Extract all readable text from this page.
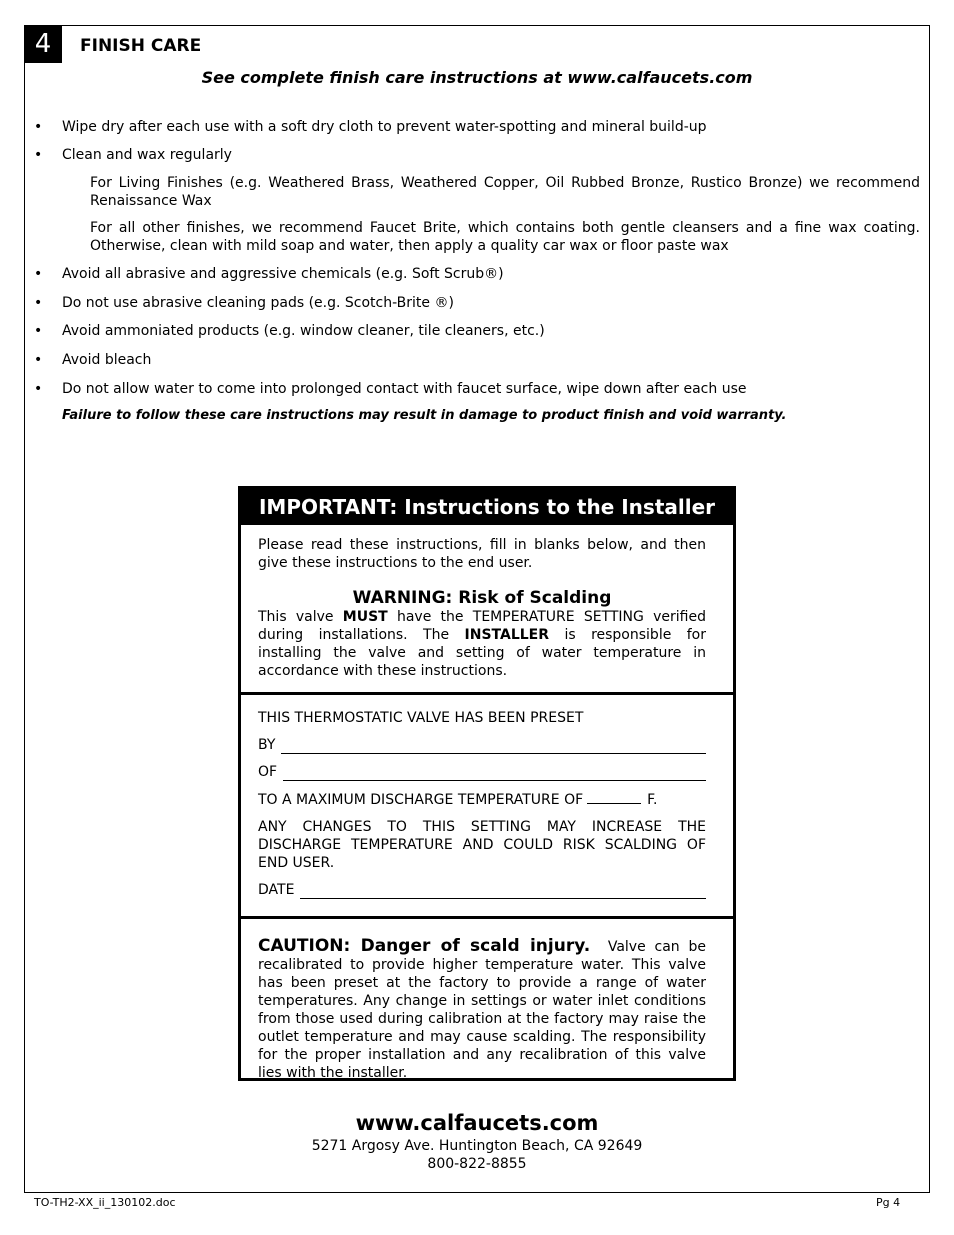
4	FINISH CARE
See complete finish care instructions at www.calfaucets.com
• Wipe dry after each use with a soft dry cloth to prevent water-spotting and mineral build-up
• Clean and wax regularly
For Living Finishes (e.g. Weathered Brass, Weathered Copper, Oil Rubbed Bronze, Rustico Bronze) we recommend Renaissance Wax
For all other finishes, we recommend Faucet Brite, which contains both gentle cleansers and a fine wax coating. Otherwise, clean with mild soap and water, then apply a quality car wax or floor paste wax
• Avoid all abrasive and aggressive chemicals (e.g. Soft Scrub®)
• Do not use abrasive cleaning pads (e.g. Scotch-Brite ®)
• Avoid ammoniated products (e.g. window cleaner, tile cleaners, etc.)
• Avoid bleach
• Do not allow water to come into prolonged contact with faucet surface, wipe down after each use
Failure to follow these care instructions may result in damage to product finish and void warranty.
IMPORTANT: Instructions to the Installer
Please read these instructions, fill in blanks below, and then give these instructions to the end user.
WARNING: Risk of Scalding
This valve MUST have the TEMPERATURE SETTING verified during installations. The INSTALLER is responsible for installing the valve and setting of water temperature in accordance with these instructions.

THIS THERMOSTATIC VALVE HAS BEEN PRESET

BY
OF

TO A MAXIMUM DISCHARGE TEMPERATURE OF	F.

ANY CHANGES TO THIS SETTING MAY INCREASE THE DISCHARGE TEMPERATURE AND COULD RISK SCALDING OF END USER.

DATE
CAUTION: Danger of scald injury. Valve can be recalibrated to provide higher temperature water. This valve has been preset at the factory to provide a range of water temperatures. Any change in settings or water inlet conditions from those used during calibration at the factory may raise the outlet temperature and may cause scalding. The responsibility for the proper installation and any recalibration of this valve lies with the installer.
www.calfaucets.com
5271 Argosy Ave. Huntington Beach, CA 92649
800-822-8855
TO-TH2-XX_ii_130102.doc	Pg 4
